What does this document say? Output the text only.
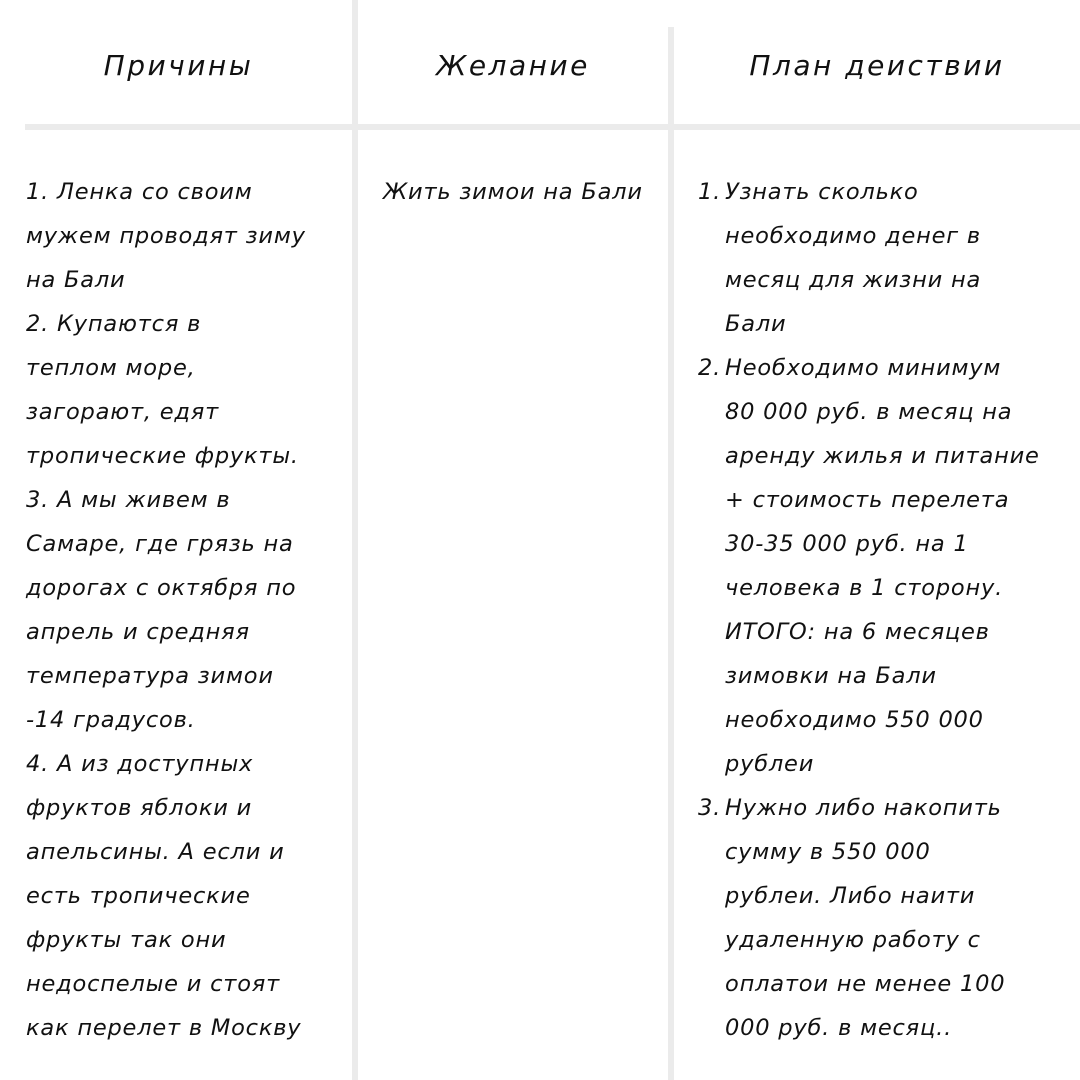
Причины	Желание	План деиствии

1. Ленка со своим

мужем проводят зиму

на Бали

2. Купаются в

теплом море,

загорают, едят

тропические фрукты.

3. А мы живем в

Самаре, где грязь на

дорогах с октября по

апрель и средняя

температура зимои

-14 градусов.

4. А из доступных

фруктов яблоки и

апельсины. А если и

есть тропические

фрукты так они

недоспелые и стоят

как перелет в Москву

Жить зимои на Бали 1. Узнать сколько

необходимо денег в

месяц для жизни на

Бали

2. Необходимо минимум

80 000 руб. в месяц на

аренду жилья и питание

+ стоимость перелета

30-35 000 руб. на 1

человека в 1 сторону.

ИТОГО: на 6 месяцев

зимовки на Бали

необходимо 550 000

рублеи

3. Нужно либо накопить

сумму в 550 000

рублеи. Либо наити

удаленную работу с

оплатои не менее 100

000 руб. в месяц..
